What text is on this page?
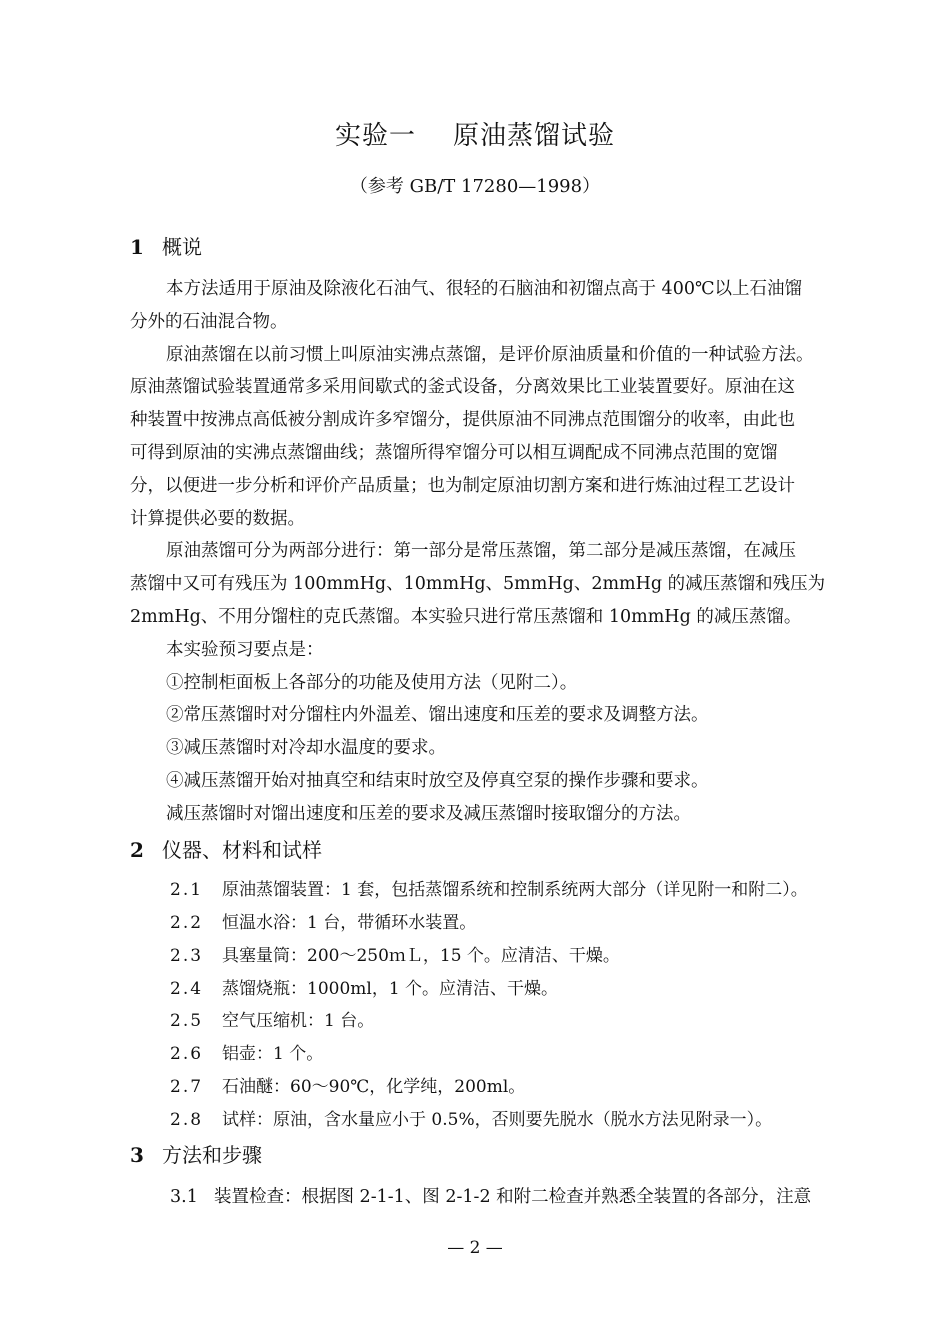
实验一    原油蒸馏试验
（参考 GB/T 17280—1998）
1 概说
本方法适用于原油及除液化石油气、很轻的石脑油和初馏点高于 400℃以上石油馏
分外的石油混合物。
原油蒸馏在以前习惯上叫原油实沸点蒸馏，是评价原油质量和价值的一种试验方法。
原油蒸馏试验装置通常多采用间歇式的釜式设备，分离效果比工业装置要好。原油在这
种装置中按沸点高低被分割成许多窄馏分，提供原油不同沸点范围馏分的收率，由此也
可得到原油的实沸点蒸馏曲线；蒸馏所得窄馏分可以相互调配成不同沸点范围的宽馏
分，以便进一步分析和评价产品质量；也为制定原油切割方案和进行炼油过程工艺设计
计算提供必要的数据。
原油蒸馏可分为两部分进行：第一部分是常压蒸馏，第二部分是减压蒸馏，在减压
蒸馏中又可有残压为 100mmHg、10mmHg、5mmHg、2mmHg 的减压蒸馏和残压为
2mmHg、不用分馏柱的克氏蒸馏。本实验只进行常压蒸馏和 10mmHg 的减压蒸馏。
本实验预习要点是：
①控制柜面板上各部分的功能及使用方法（见附二）。
②常压蒸馏时对分馏柱内外温差、馏出速度和压差的要求及调整方法。
③减压蒸馏时对冷却水温度的要求。
④减压蒸馏开始对抽真空和结束时放空及停真空泵的操作步骤和要求。
减压蒸馏时对馏出速度和压差的要求及减压蒸馏时接取馏分的方法。
2 仪器、材料和试样
2.1 原油蒸馏装置：1 套，包括蒸馏系统和控制系统两大部分（详见附一和附二）。
2.2 恒温水浴：1 台，带循环水装置。
2.3 具塞量筒：200～250ｍＬ，15 个。应清洁、干燥。
2.4 蒸馏烧瓶：1000ml，1 个。应清洁、干燥。
2.5 空气压缩机：1 台。
2.6 铝壶：1 个。
2.7 石油醚：60～90℃，化学纯，200ml。
2.8 试样：原油，含水量应小于 0.5%，否则要先脱水（脱水方法见附录一）。
3 方法和步骤
3.1 装置检查：根据图 2-1-1、图 2-1-2 和附二检查并熟悉全装置的各部分，注意
— 2 —
